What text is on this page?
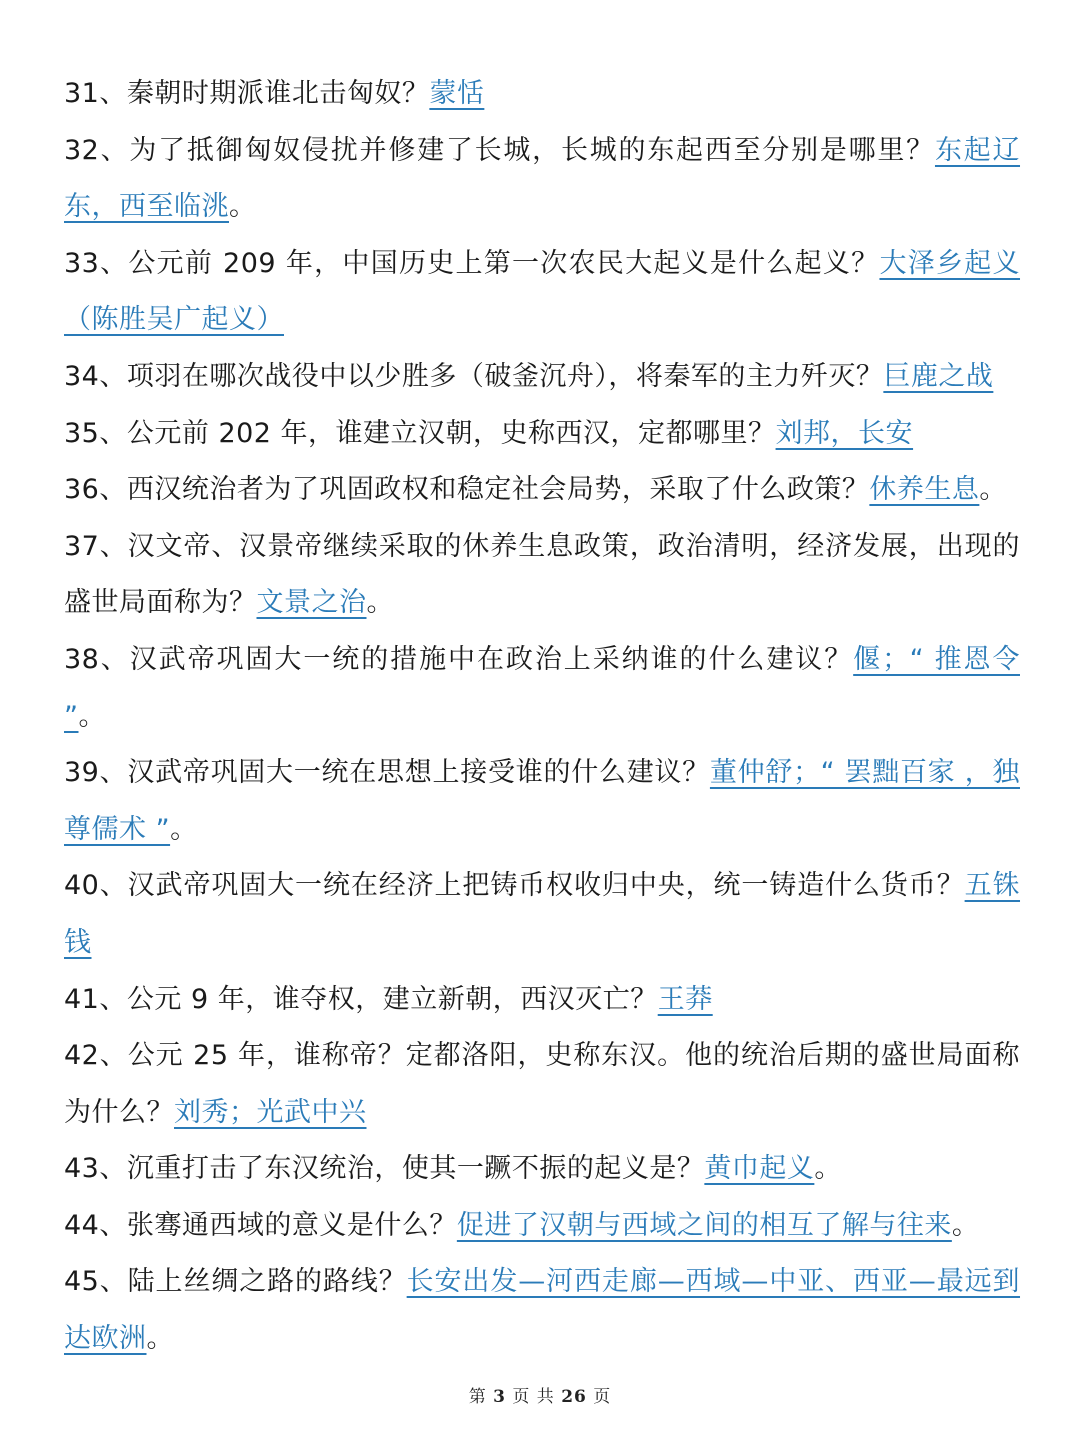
31、秦朝时期派谁北击匈奴？蒙恬

32、为了抵御匈奴侵扰并修建了长城，长城的东起西至分别是哪里？东起辽东，西至临洮。

33、公元前 209 年，中国历史上第一次农民大起义是什么起义？大泽乡起义（陈胜吴广起义）

34、项羽在哪次战役中以少胜多（破釜沉舟），将秦军的主力歼灭？巨鹿之战

35、公元前 202 年，谁建立汉朝，史称西汉，定都哪里？刘邦，长安

36、西汉统治者为了巩固政权和稳定社会局势，采取了什么政策？休养生息。

37、汉文帝、汉景帝继续采取的休养生息政策，政治清明，经济发展，出现的盛世局面称为？文景之治。

38、汉武帝巩固大一统的措施中在政治上采纳谁的什么建议？偃；“ 推恩令 ”。

39、汉武帝巩固大一统在思想上接受谁的什么建议？董仲舒；“ 罢黜百家 ，独尊儒术 ”。

40、汉武帝巩固大一统在经济上把铸币权收归中央，统一铸造什么货币？五铢钱

41、公元 9 年，谁夺权，建立新朝，西汉灭亡？王莽

42、公元 25 年，谁称帝？定都洛阳，史称东汉。他的统治后期的盛世局面称为什么？刘秀；光武中兴

43、沉重打击了东汉统治，使其一蹶不振的起义是？黄巾起义。

44、张骞通西域的意义是什么？促进了汉朝与西域之间的相互了解与往来。

45、陆上丝绸之路的路线？长安出发—河西走廊—西域—中亚、西亚—最远到达欧洲。

第 3 页 共 26 页
